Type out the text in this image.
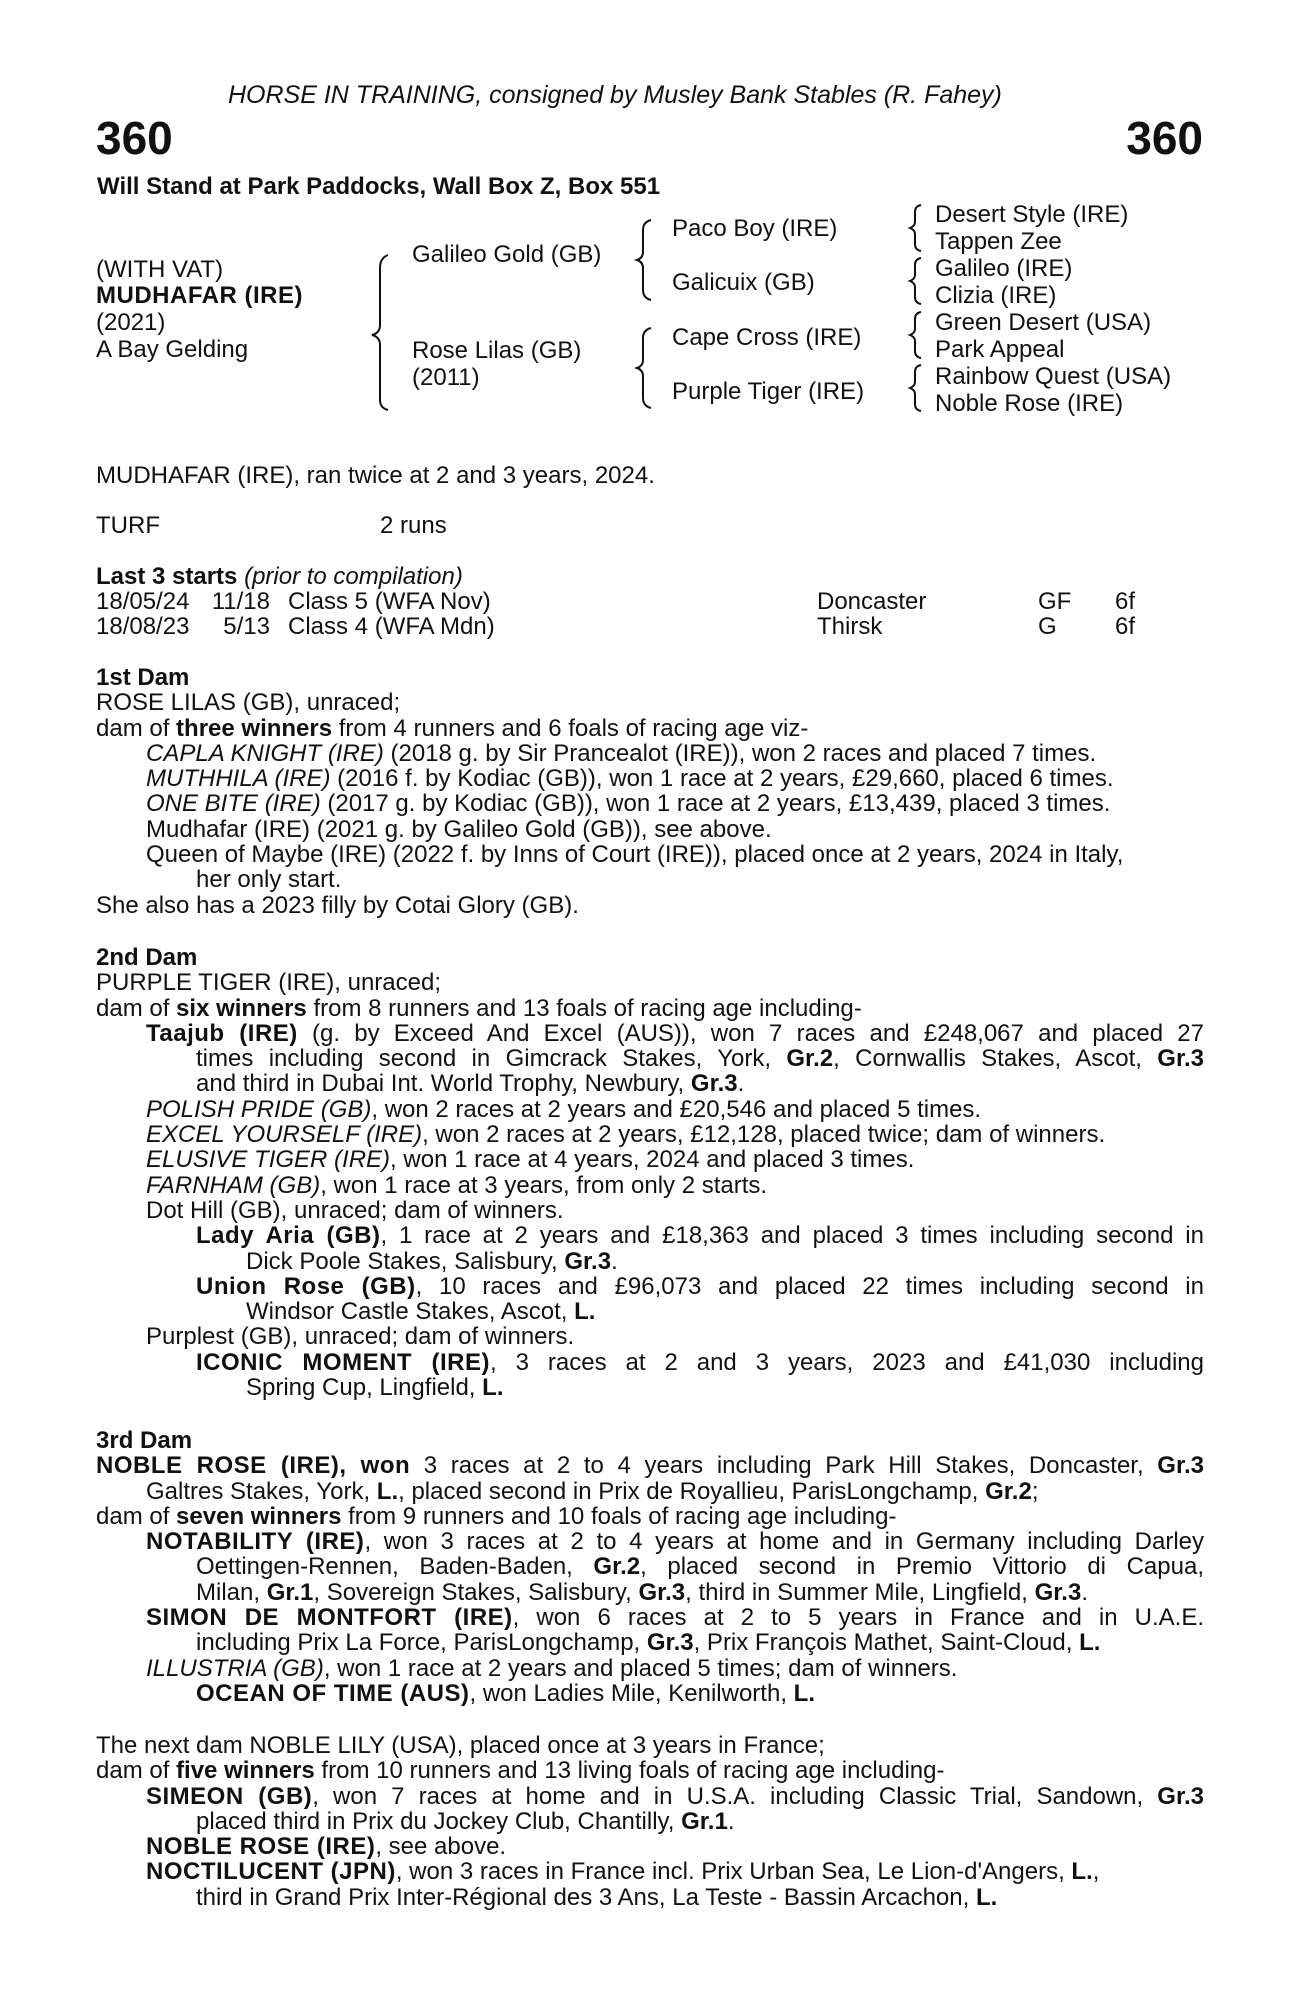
HORSE IN TRAINING, consigned by Musley Bank Stables (R. Fahey)
360	360
Will Stand at Park Paddocks, Wall Box Z, Box 551
(WITH VAT)
MUDHAFAR (IRE)
(2021)
A Bay Gelding
Galileo Gold (GB)
Rose Lilas (GB)
(2011)
Paco Boy (IRE)
Galicuix (GB)
Cape Cross (IRE)
Purple Tiger (IRE)
Desert Style (IRE)
Tappen Zee
Galileo (IRE)
Clizia (IRE)
Green Desert (USA)
Park Appeal
Rainbow Quest (USA)
Noble Rose (IRE)
MUDHAFAR (IRE), ran twice at 2 and 3 years, 2024.
TURF	2 runs
Last 3 starts (prior to compilation)
18/05/24 11/18 Class 5 (WFA Nov)	Doncaster	GF 6f
18/08/23	5/13 Class 4 (WFA Mdn)	Thirsk	G 6f
1st Dam
ROSE LILAS (GB), unraced;
dam of three winners from 4 runners and 6 foals of racing age viz-
CAPLA KNIGHT (IRE) (2018 g. by Sir Prancealot (IRE)), won 2 races and placed 7 times.
MUTHHILA (IRE) (2016 f. by Kodiac (GB)), won 1 race at 2 years, £29,660, placed 6 times.
ONE BITE (IRE) (2017 g. by Kodiac (GB)), won 1 race at 2 years, £13,439, placed 3 times.
Mudhafar (IRE) (2021 g. by Galileo Gold (GB)), see above.
Queen of Maybe (IRE) (2022 f. by Inns of Court (IRE)), placed once at 2 years, 2024 in Italy,
her only start.
She also has a 2023 filly by Cotai Glory (GB).
2nd Dam
PURPLE TIGER (IRE), unraced;
dam of six winners from 8 runners and 13 foals of racing age including-
Taajub (IRE) (g. by Exceed And Excel (AUS)), won 7 races and £248,067 and placed 27
times including second in Gimcrack Stakes, York, Gr.2, Cornwallis Stakes, Ascot, Gr.3
and third in Dubai Int. World Trophy, Newbury, Gr.3.
POLISH PRIDE (GB), won 2 races at 2 years and £20,546 and placed 5 times.
EXCEL YOURSELF (IRE), won 2 races at 2 years, £12,128, placed twice; dam of winners.
ELUSIVE TIGER (IRE), won 1 race at 4 years, 2024 and placed 3 times.
FARNHAM (GB), won 1 race at 3 years, from only 2 starts.
Dot Hill (GB), unraced; dam of winners.
Lady Aria (GB), 1 race at 2 years and £18,363 and placed 3 times including second in
Dick Poole Stakes, Salisbury, Gr.3.
Union Rose (GB), 10 races and £96,073 and placed 22 times including second in
Windsor Castle Stakes, Ascot, L.
Purplest (GB), unraced; dam of winners.
ICONIC MOMENT (IRE), 3 races at 2 and 3 years, 2023 and £41,030 including
Spring Cup, Lingfield, L.
3rd Dam
NOBLE ROSE (IRE), won 3 races at 2 to 4 years including Park Hill Stakes, Doncaster, Gr.3
Galtres Stakes, York, L., placed second in Prix de Royallieu, ParisLongchamp, Gr.2;
dam of seven winners from 9 runners and 10 foals of racing age including-
NOTABILITY (IRE), won 3 races at 2 to 4 years at home and in Germany including Darley
Oettingen-Rennen, Baden-Baden, Gr.2, placed second in Premio Vittorio di Capua,
Milan, Gr.1, Sovereign Stakes, Salisbury, Gr.3, third in Summer Mile, Lingfield, Gr.3.
SIMON DE MONTFORT (IRE), won 6 races at 2 to 5 years in France and in U.A.E.
including Prix La Force, ParisLongchamp, Gr.3, Prix François Mathet, Saint-Cloud, L.
ILLUSTRIA (GB), won 1 race at 2 years and placed 5 times; dam of winners.
OCEAN OF TIME (AUS), won Ladies Mile, Kenilworth, L.
The next dam NOBLE LILY (USA), placed once at 3 years in France;
dam of five winners from 10 runners and 13 living foals of racing age including-
SIMEON (GB), won 7 races at home and in U.S.A. including Classic Trial, Sandown, Gr.3
placed third in Prix du Jockey Club, Chantilly, Gr.1.
NOBLE ROSE (IRE), see above.
NOCTILUCENT (JPN), won 3 races in France incl. Prix Urban Sea, Le Lion-d'Angers, L.,
third in Grand Prix Inter-Régional des 3 Ans, La Teste - Bassin Arcachon, L.
